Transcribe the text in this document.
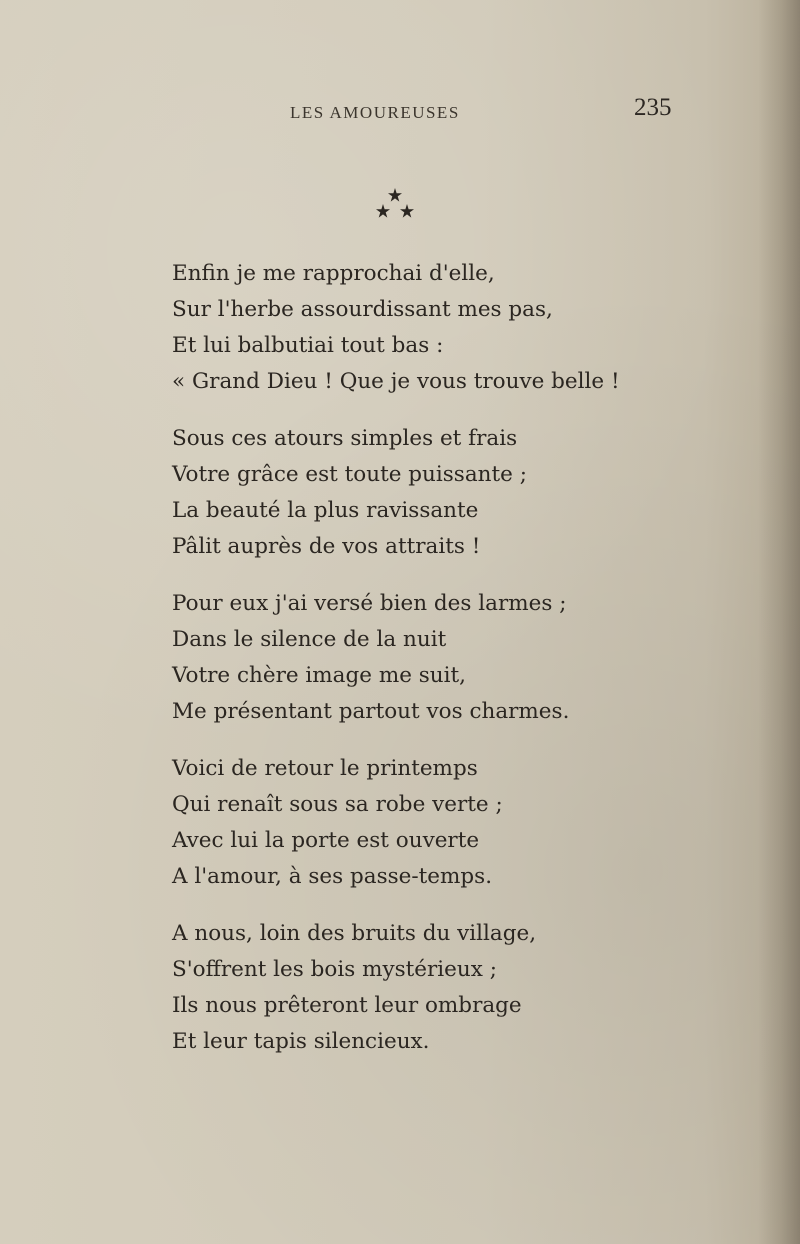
LES AMOUREUSES	235
Enfin je me rapprochai d'elle,
Sur l'herbe assourdissant mes pas,
Et lui balbutiai tout bas :
« Grand Dieu ! Que je vous trouve belle !
Sous ces atours simples et frais
Votre grâce est toute puissante ;
La beauté la plus ravissante
Pâlit auprès de vos attraits !
Pour eux j'ai versé bien des larmes ;
Dans le silence de la nuit
Votre chère image me suit,
Me présentant partout vos charmes.
Voici de retour le printemps
Qui renaît sous sa robe verte ;
Avec lui la porte est ouverte
A l'amour, à ses passe-temps.
A nous, loin des bruits du village,
S'offrent les bois mystérieux ;
Ils nous prêteront leur ombrage
Et leur tapis silencieux.
